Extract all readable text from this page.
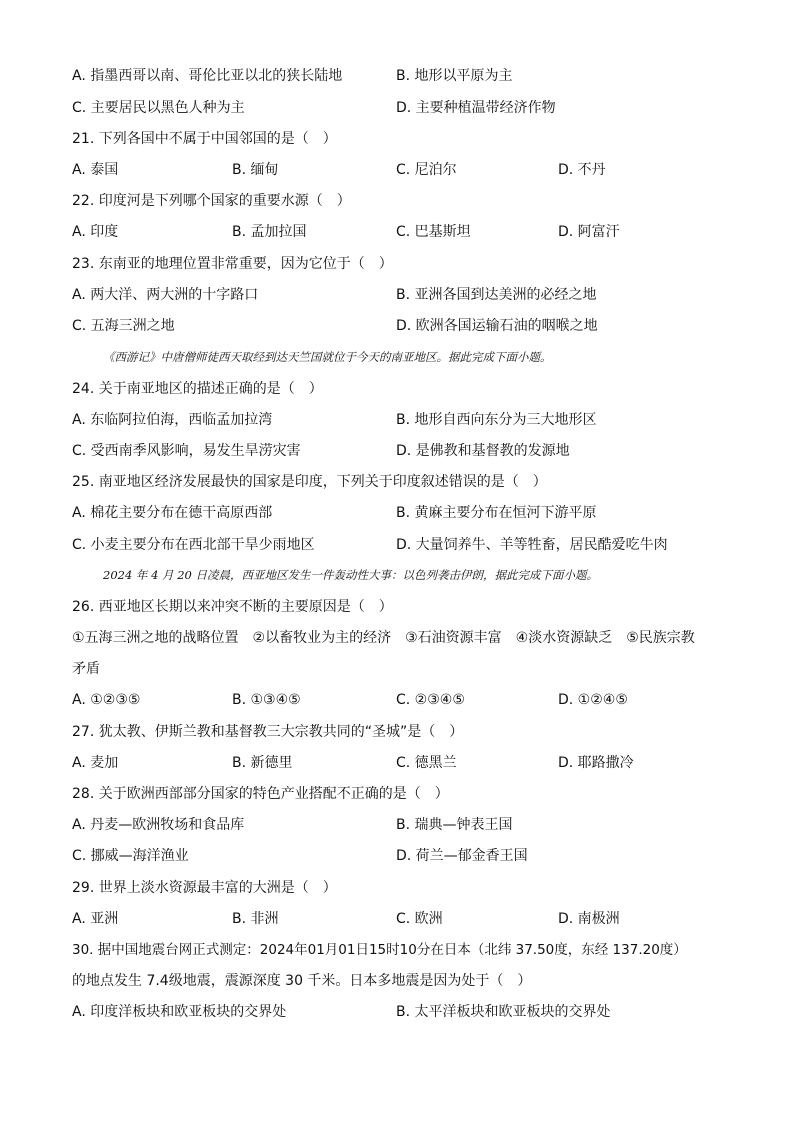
A. 指墨西哥以南、哥伦比亚以北的狭长陆地	B. 地形以平原为主
C. 主要居民以黑色人种为主	D. 主要种植温带经济作物
21. 下列各国中不属于中国邻国的是（　）
A. 泰国	B. 缅甸	C. 尼泊尔	D. 不丹
22. 印度河是下列哪个国家的重要水源（　）
A. 印度	B. 孟加拉国	C. 巴基斯坦	D. 阿富汗
23. 东南亚的地理位置非常重要，因为它位于（　）
A. 两大洋、两大洲的十字路口	B. 亚洲各国到达美洲的必经之地
C. 五海三洲之地	D. 欧洲各国运输石油的咽喉之地
《西游记》中唐僧师徒西天取经到达天竺国就位于今天的南亚地区。据此完成下面小题。
24. 关于南亚地区的描述正确的是（　）
A. 东临阿拉伯海，西临孟加拉湾	B. 地形自西向东分为三大地形区
C. 受西南季风影响，易发生旱涝灾害	D. 是佛教和基督教的发源地
25. 南亚地区经济发展最快的国家是印度，下列关于印度叙述错误的是（　）
A. 棉花主要分布在德干高原西部	B. 黄麻主要分布在恒河下游平原
C. 小麦主要分布在西北部干旱少雨地区	D. 大量饲养牛、羊等牲畜，居民酷爱吃牛肉
2024 年 4 月 20 日凌晨，西亚地区发生一件轰动性大事：以色列袭击伊朗，据此完成下面小题。
26. 西亚地区长期以来冲突不断的主要原因是（　）
①五海三洲之地的战略位置　②以畜牧业为主的经济　③石油资源丰富　④淡水资源缺乏　⑤民族宗教
矛盾
A. ①②③⑤	B. ①③④⑤	C. ②③④⑤	D. ①②④⑤
27. 犹太教、伊斯兰教和基督教三大宗教共同的“圣城”是（　）
A. 麦加	B. 新德里	C. 德黑兰	D. 耶路撒冷
28. 关于欧洲西部部分国家的特色产业搭配不正确的是（　）
A. 丹麦—欧洲牧场和食品库	B. 瑞典—钟表王国
C. 挪威—海洋渔业	D. 荷兰—郁金香王国
29. 世界上淡水资源最丰富的大洲是（　）
A. 亚洲	B. 非洲	C. 欧洲	D. 南极洲
30. 据中国地震台网正式测定：2024年01月01日15时10分在日本（北纬 37.50度，东经 137.20度）
的地点发生 7.4级地震，震源深度 30 千米。日本多地震是因为处于（　）
A. 印度洋板块和欧亚板块的交界处	B. 太平洋板块和欧亚板块的交界处
